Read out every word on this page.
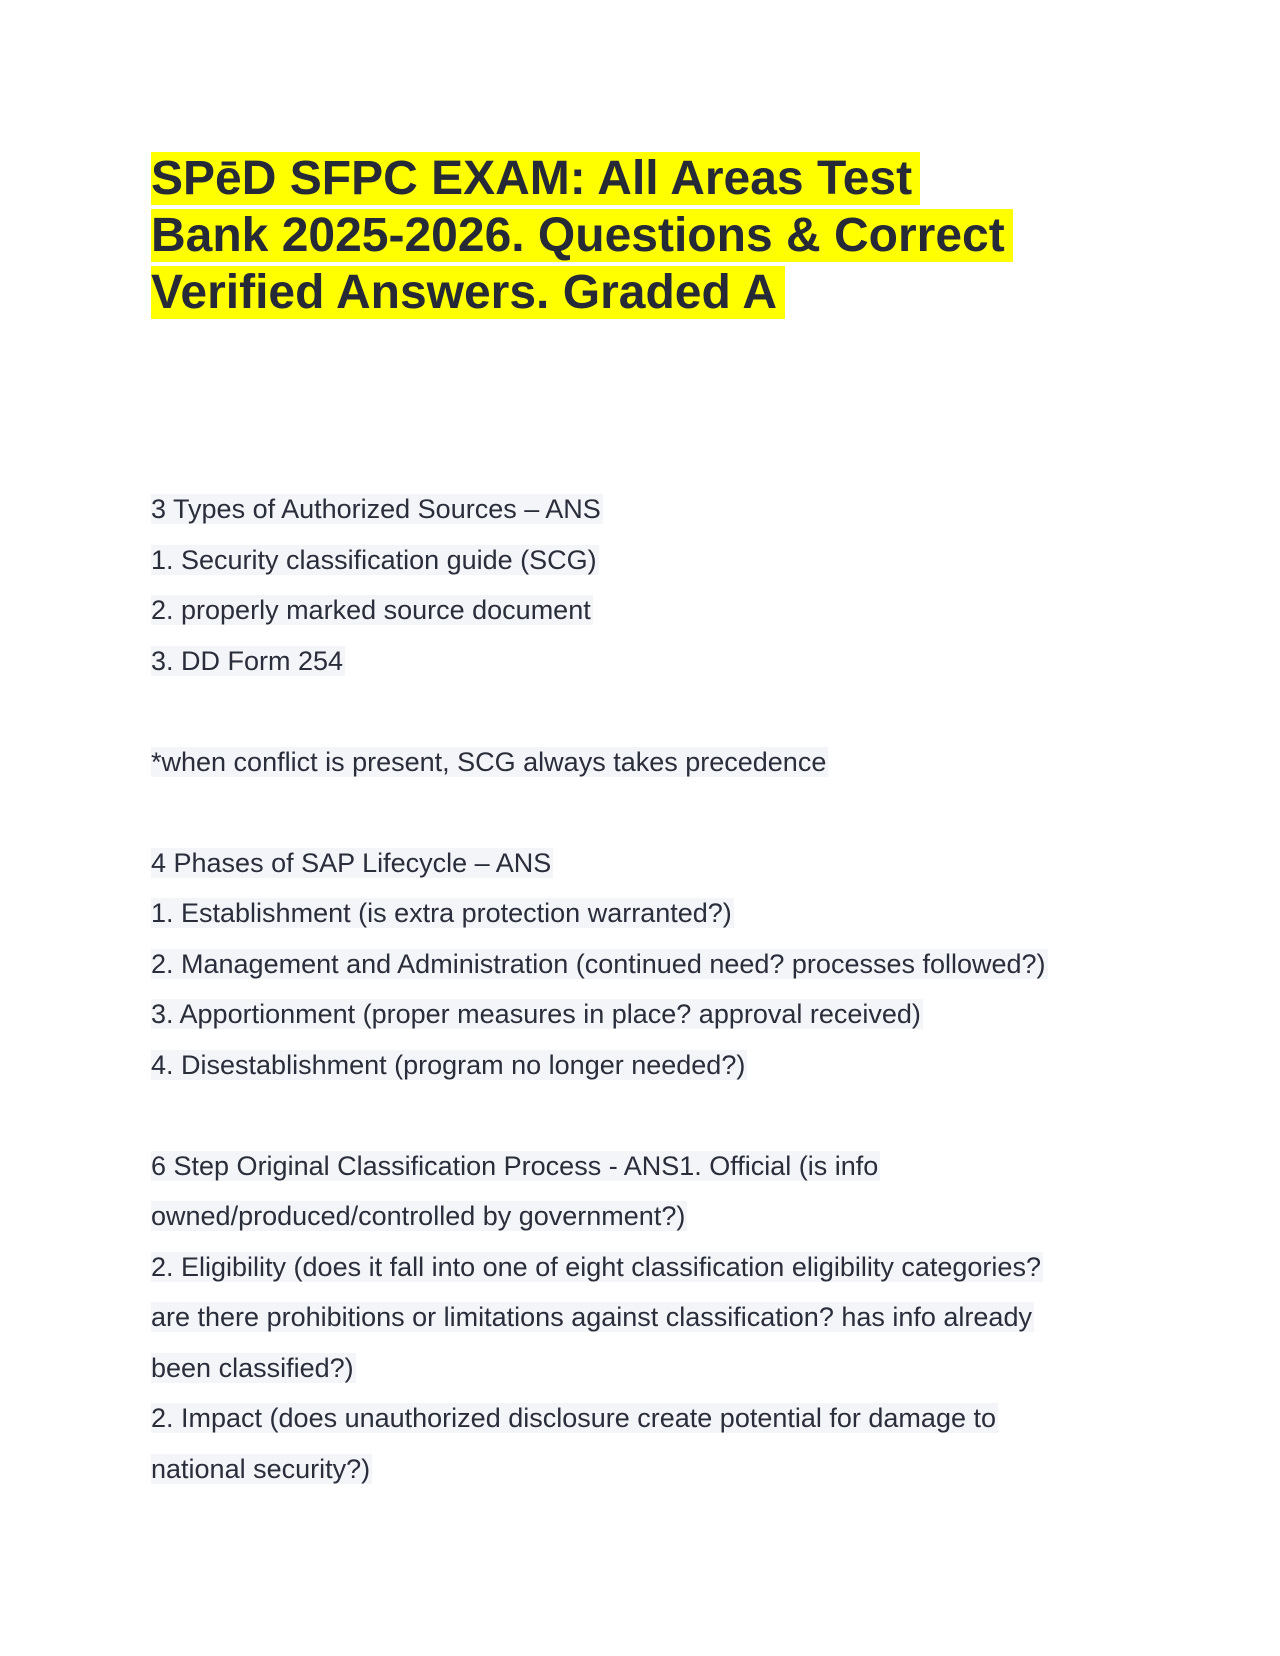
SPēD SFPC EXAM: All Areas Test
Bank 2025-2026. Questions & Correct
Verified Answers. Graded A
3 Types of Authorized Sources – ANS
1. Security classification guide (SCG)
2. properly marked source document
3. DD Form 254
*when conflict is present, SCG always takes precedence
4 Phases of SAP Lifecycle – ANS
1. Establishment (is extra protection warranted?)
2. Management and Administration (continued need? processes followed?)
3. Apportionment (proper measures in place? approval received)
4. Disestablishment (program no longer needed?)
6 Step Original Classification Process - ANS1. Official (is info
owned/produced/controlled by government?)
2. Eligibility (does it fall into one of eight classification eligibility categories?
are there prohibitions or limitations against classification? has info already
been classified?)
2. Impact (does unauthorized disclosure create potential for damage to
national security?)
